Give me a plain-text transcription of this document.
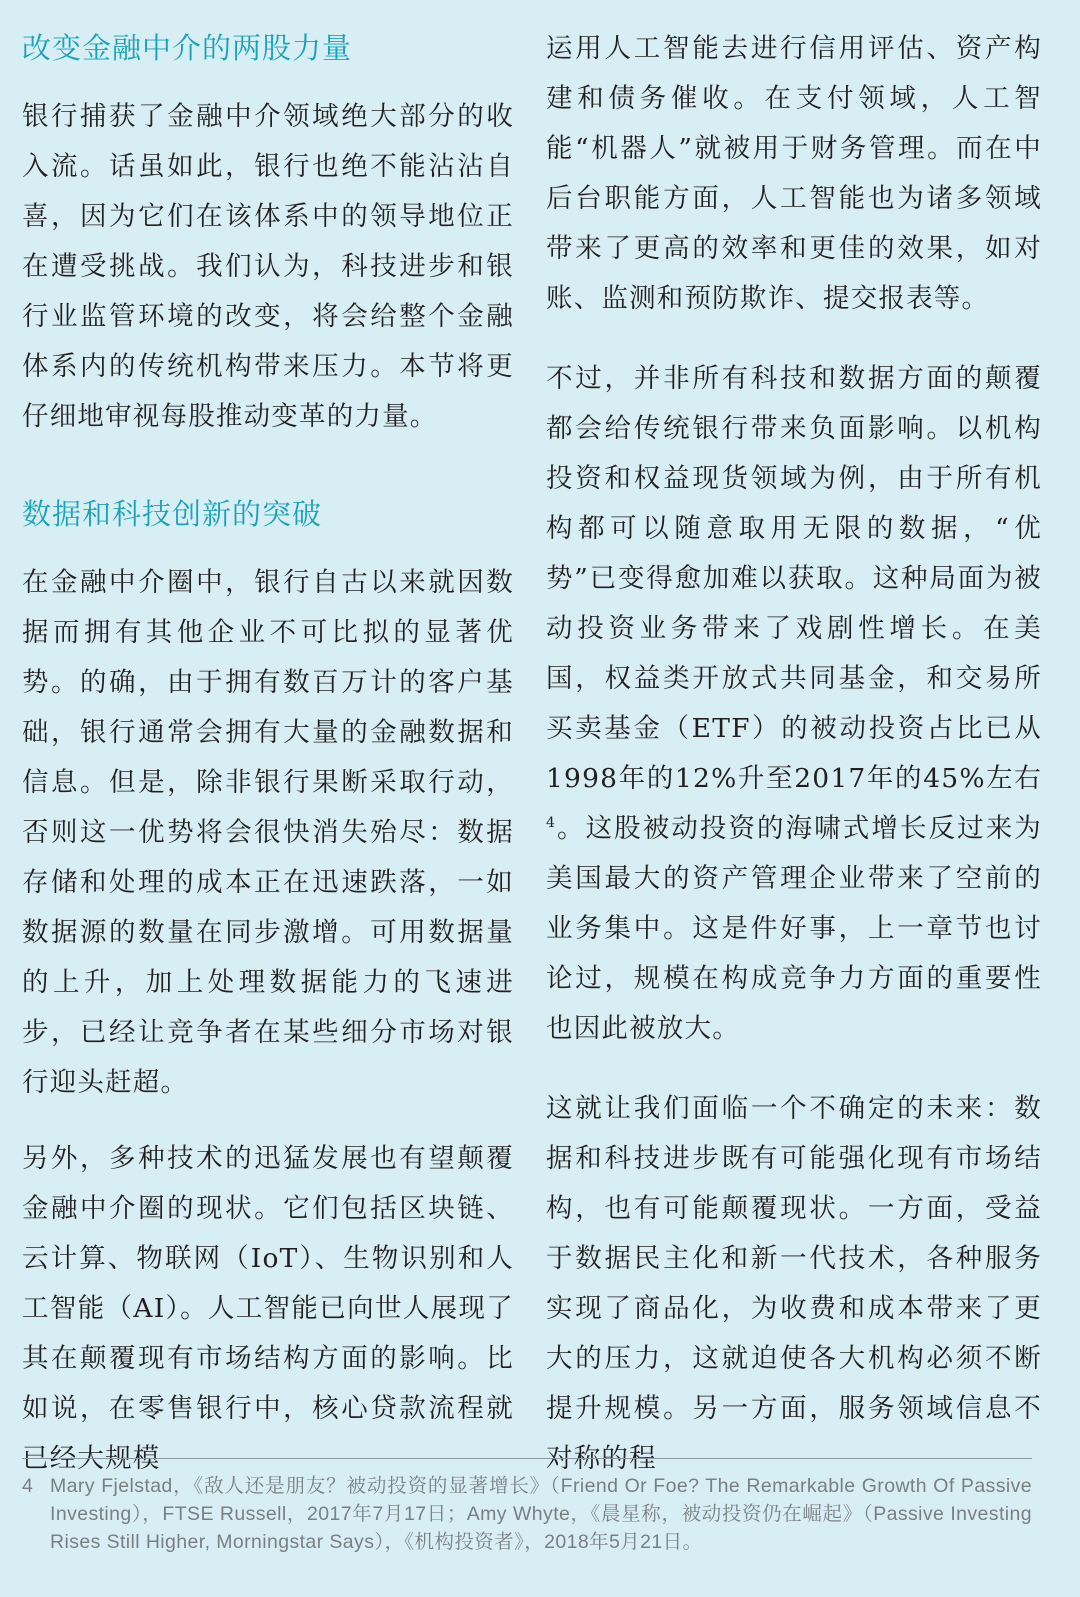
改变金融中介的两股力量

银行捕获了金融中介领域绝大部分的收入流。话虽如此，银行也绝不能沾沾自喜，因为它们在该体系中的领导地位正在遭受挑战。我们认为，科技进步和银行业监管环境的改变，将会给整个金融体系内的传统机构带来压力。本节将更仔细地审视每股推动变革的力量。

数据和科技创新的突破

在金融中介圈中，银行自古以来就因数据而拥有其他企业不可比拟的显著优势。的确，由于拥有数百万计的客户基础，银行通常会拥有大量的金融数据和信息。但是，除非银行果断采取行动，否则这一优势将会很快消失殆尽：数据存储和处理的成本正在迅速跌落，一如数据源的数量在同步激增。可用数据量的上升，加上处理数据能力的飞速进步，已经让竞争者在某些细分市场对银行迎头赶超。

另外，多种技术的迅猛发展也有望颠覆金融中介圈的现状。它们包括区块链、云计算、物联网（IoT）、生物识别和人工智能（AI）。人工智能已向世人展现了其在颠覆现有市场结构方面的影响。比如说，在零售银行中，核心贷款流程就已经大规模

运用人工智能去进行信用评估、资产构建和债务催收。在支付领域，人工智能“机器人”就被用于财务管理。而在中后台职能方面，人工智能也为诸多领域带来了更高的效率和更佳的效果，如对账、监测和预防欺诈、提交报表等。

不过，并非所有科技和数据方面的颠覆都会给传统银行带来负面影响。以机构投资和权益现货领域为例，由于所有机构都可以随意取用无限的数据，“优势”已变得愈加难以获取。这种局面为被动投资业务带来了戏剧性增长。在美国，权益类开放式共同基金，和交易所买卖基金（ETF）的被动投资占比已从1998年的12%升至2017年的45%左右$^4$。这股被动投资的海啸式增长反过来为美国最大的资产管理企业带来了空前的业务集中。这是件好事，上一章节也讨论过，规模在构成竞争力方面的重要性也因此被放大。

这就让我们面临一个不确定的未来：数据和科技进步既有可能强化现有市场结构，也有可能颠覆现状。一方面，受益于数据民主化和新一代技术，各种服务实现了商品化，为收费和成本带来了更大的压力，这就迫使各大机构必须不断提升规模。另一方面，服务领域信息不对称的程

4 Mary Fjelstad，《敌人还是朋友？被动投资的显著增长》（Friend Or Foe? The Remarkable Growth Of Passive Investing），FTSE Russell，2017年7月17日；Amy Whyte，《晨星称，被动投资仍在崛起》（Passive Investing Rises Still Higher, Morningstar Says），《机构投资者》，2018年5月21日。
